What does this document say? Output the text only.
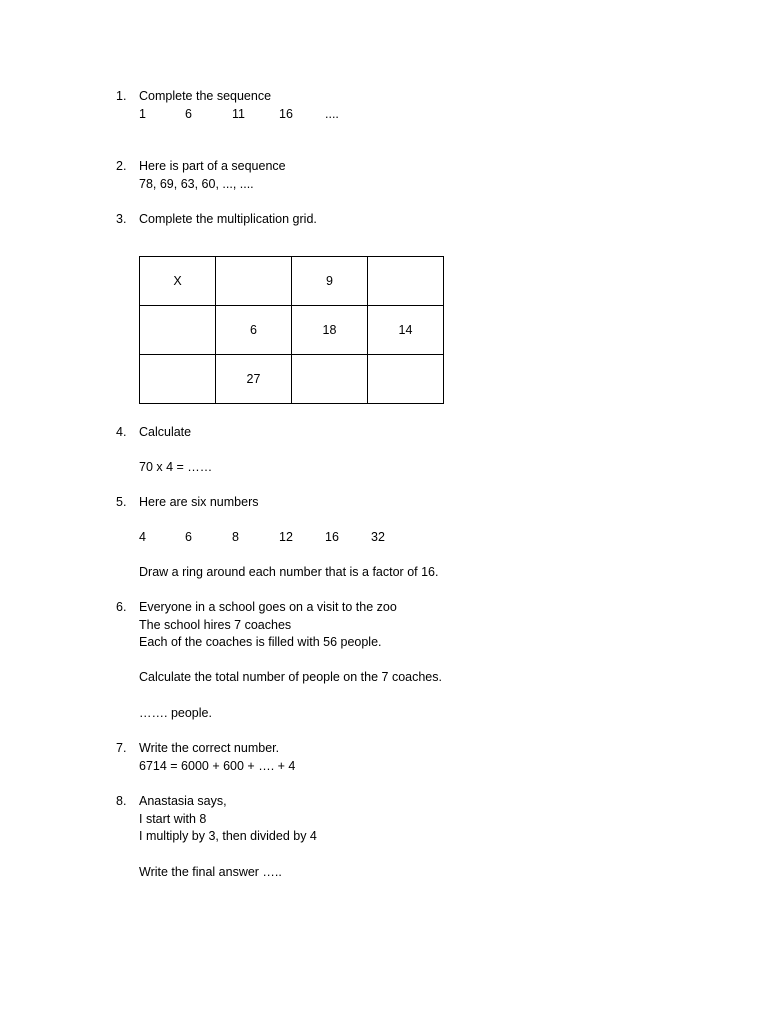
1. Complete the sequence
1	6	11	16	....
2. Here is part of a sequence
78, 69, 63, 60, ..., ....
3. Complete the multiplication grid.
X		9	
	6	18	14
	27		
4. Calculate
70 x 4 = ……
5. Here are six numbers
4	6	8	12	16	32
Draw a ring around each number that is a factor of 16.
6. Everyone in a school goes on a visit to the zoo
The school hires 7 coaches
Each of the coaches is filled with 56 people.
Calculate the total number of people on the 7 coaches.
……. people.
7. Write the correct number.
6714 = 6000 + 600 + …. + 4
8. Anastasia says,
I start with 8
I multiply by 3, then divided by 4
Write the final answer …..
